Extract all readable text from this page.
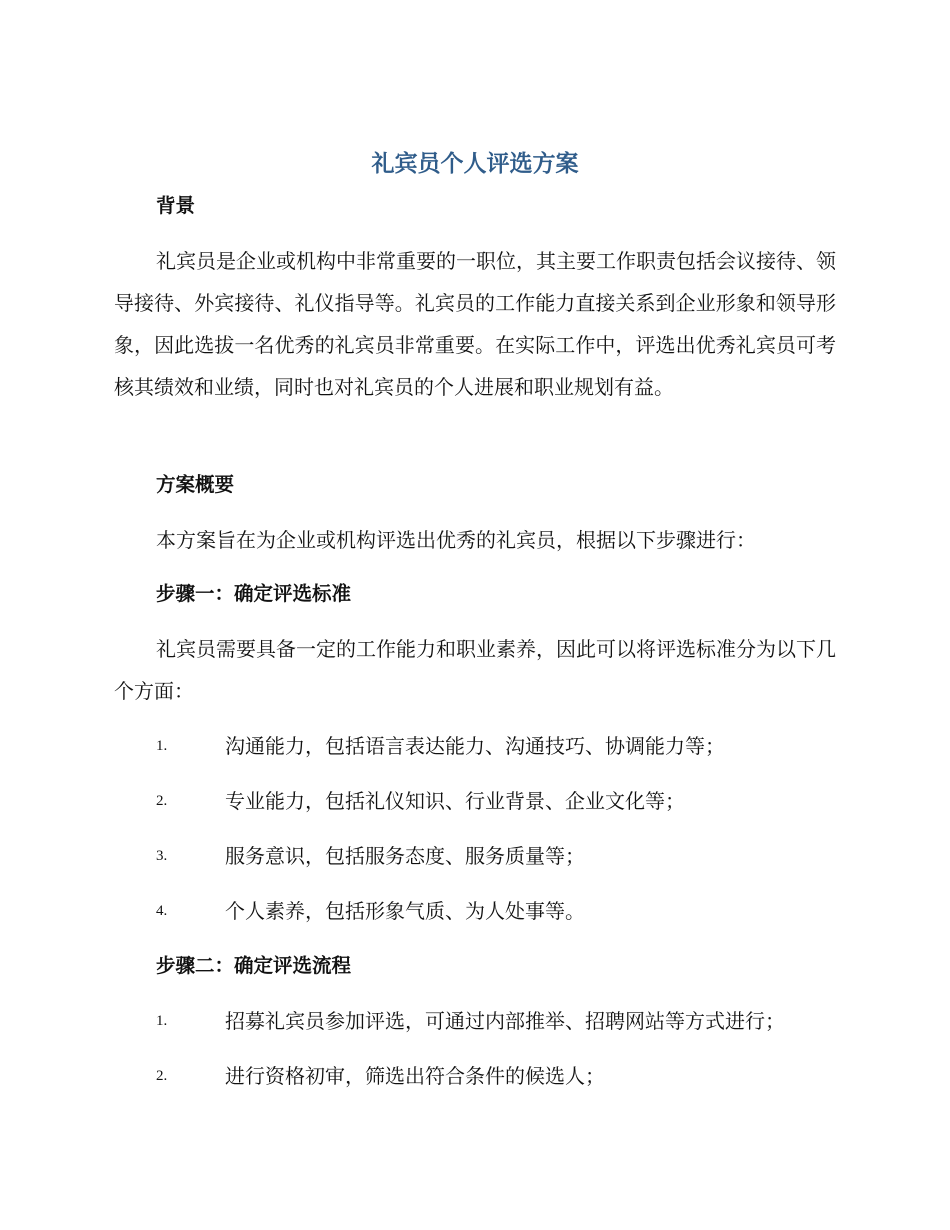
礼宾员个人评选方案
背景
礼宾员是企业或机构中非常重要的一职位，其主要工作职责包括会议接待、领导接待、外宾接待、礼仪指导等。礼宾员的工作能力直接关系到企业形象和领导形象，因此选拔一名优秀的礼宾员非常重要。在实际工作中，评选出优秀礼宾员可考核其绩效和业绩，同时也对礼宾员的个人进展和职业规划有益。
方案概要
本方案旨在为企业或机构评选出优秀的礼宾员，根据以下步骤进行：
步骤一：确定评选标准
礼宾员需要具备一定的工作能力和职业素养，因此可以将评选标准分为以下几个方面：
1.	沟通能力，包括语言表达能力、沟通技巧、协调能力等；
2.	专业能力，包括礼仪知识、行业背景、企业文化等；
3.	服务意识，包括服务态度、服务质量等；
4.	个人素养，包括形象气质、为人处事等。
步骤二：确定评选流程
1.	招募礼宾员参加评选，可通过内部推举、招聘网站等方式进行；
2.	进行资格初审，筛选出符合条件的候选人；
